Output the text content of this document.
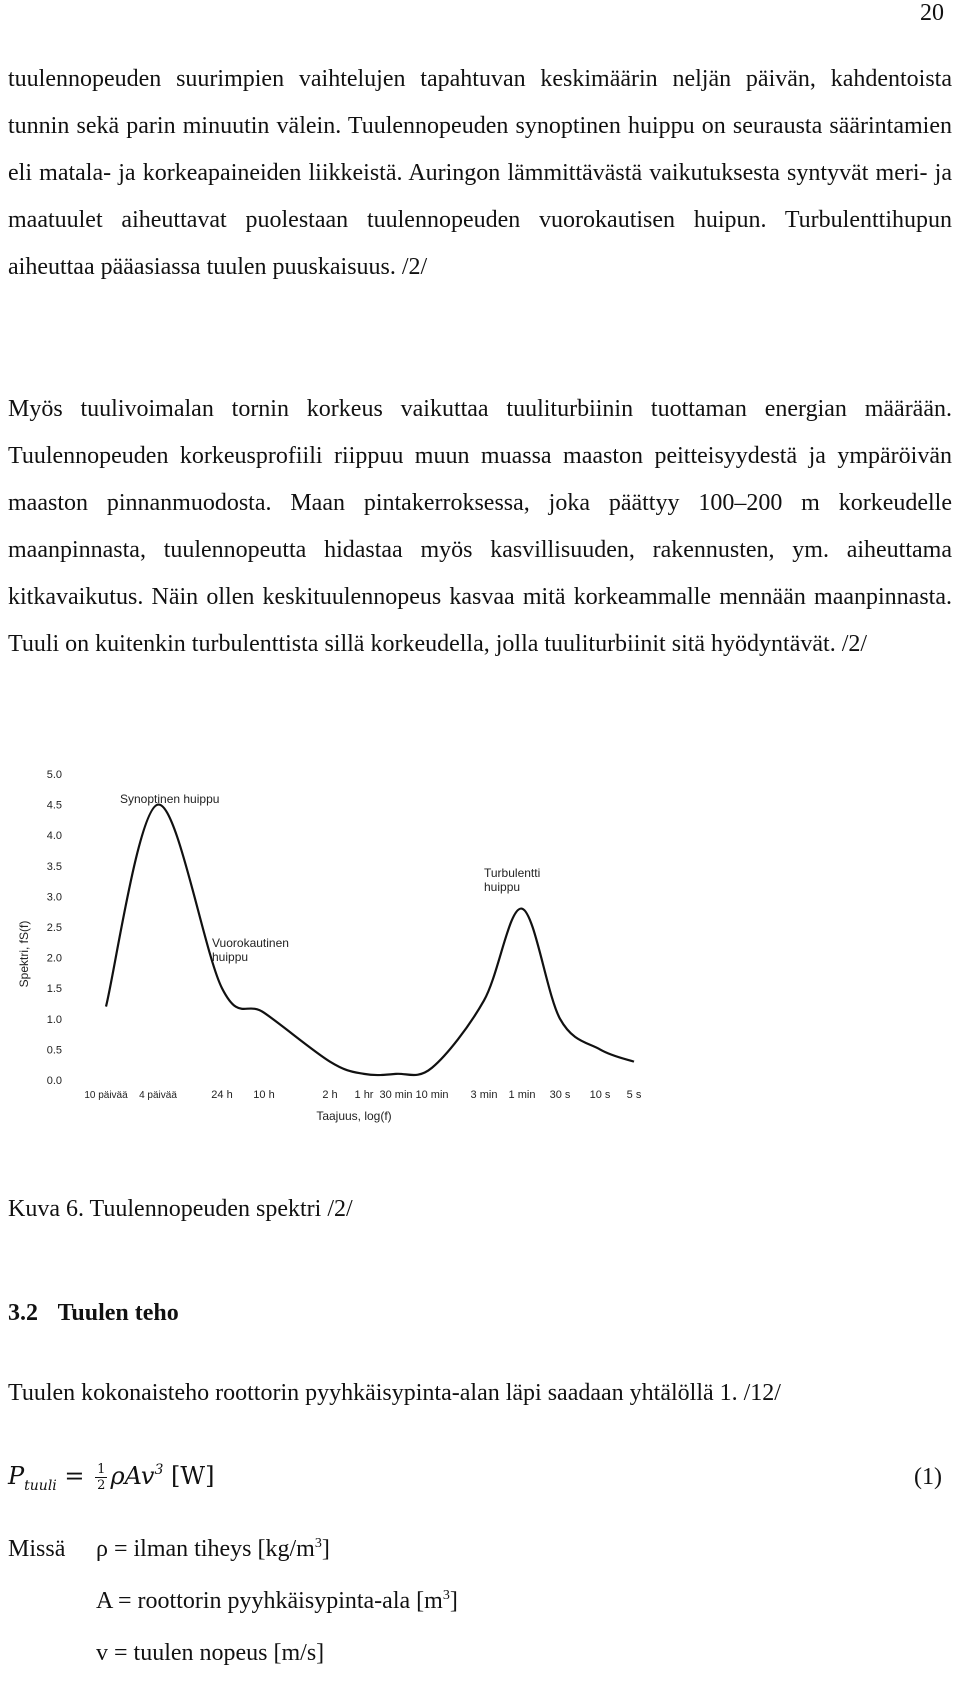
20

tuulennopeuden suurimpien vaihtelujen tapahtuvan keskimäärin neljän päivän, kahdentoista tunnin sekä parin minuutin välein. Tuulennopeuden synoptinen huippu on seurausta säärintamien eli matala- ja korkeapaineiden liikkeistä. Auringon lämmittävästä vaikutuksesta syntyvät meri- ja maatuulet aiheuttavat puolestaan tuulennopeuden vuorokautisen huipun. Turbulenttihupun aiheuttaa pääasiassa tuulen puuskaisuus. /2/

Myös tuulivoimalan tornin korkeus vaikuttaa tuuliturbiinin tuottaman energian määrään. Tuulennopeuden korkeusprofiili riippuu muun muassa maaston peitteisyydestä ja ympäröivän maaston pinnanmuodosta. Maan pintakerroksessa, joka päättyy 100–200 m korkeudelle maanpinnasta, tuulennopeutta hidastaa myös kasvillisuuden, rakennusten, ym. aiheuttama kitkavaikutus. Näin ollen keskituulennopeus kasvaa mitä korkeammalle mennään maanpinnasta. Tuuli on kuitenkin turbulenttista sillä korkeudella, jolla tuuliturbiinit sitä hyödyntävät. /2/

0.0
0.5
1.0
1.5
2.0
2.5
3.0
3.5
4.0
4.5
5.0
10 päivää 4 päivää	24 h 10 h	2 h 1 hr 30 min 10 min 3 min 1 min 30 s 10 s 5 s
Synoptinen huippu
Vuorokautinen huippu
Turbulentti huippu
Spektri, fS(f)
Taajuus, log(f)
Kuva 6. Tuulennopeuden spektri /2/
3.2 Tuulen teho
Tuulen kokonaisteho roottorin pyyhkäisypinta-alan läpi saadaan yhtälöllä 1. /12/
$P_{tuuli} = \frac{1}{2} \rho Av^3$ [W]	(1)
Missä ρ = ilman tiheys $[kg/m^3]$
A = roottorin pyyhkäisypinta-ala $[m^3]$
v = tuulen nopeus [m/s]
